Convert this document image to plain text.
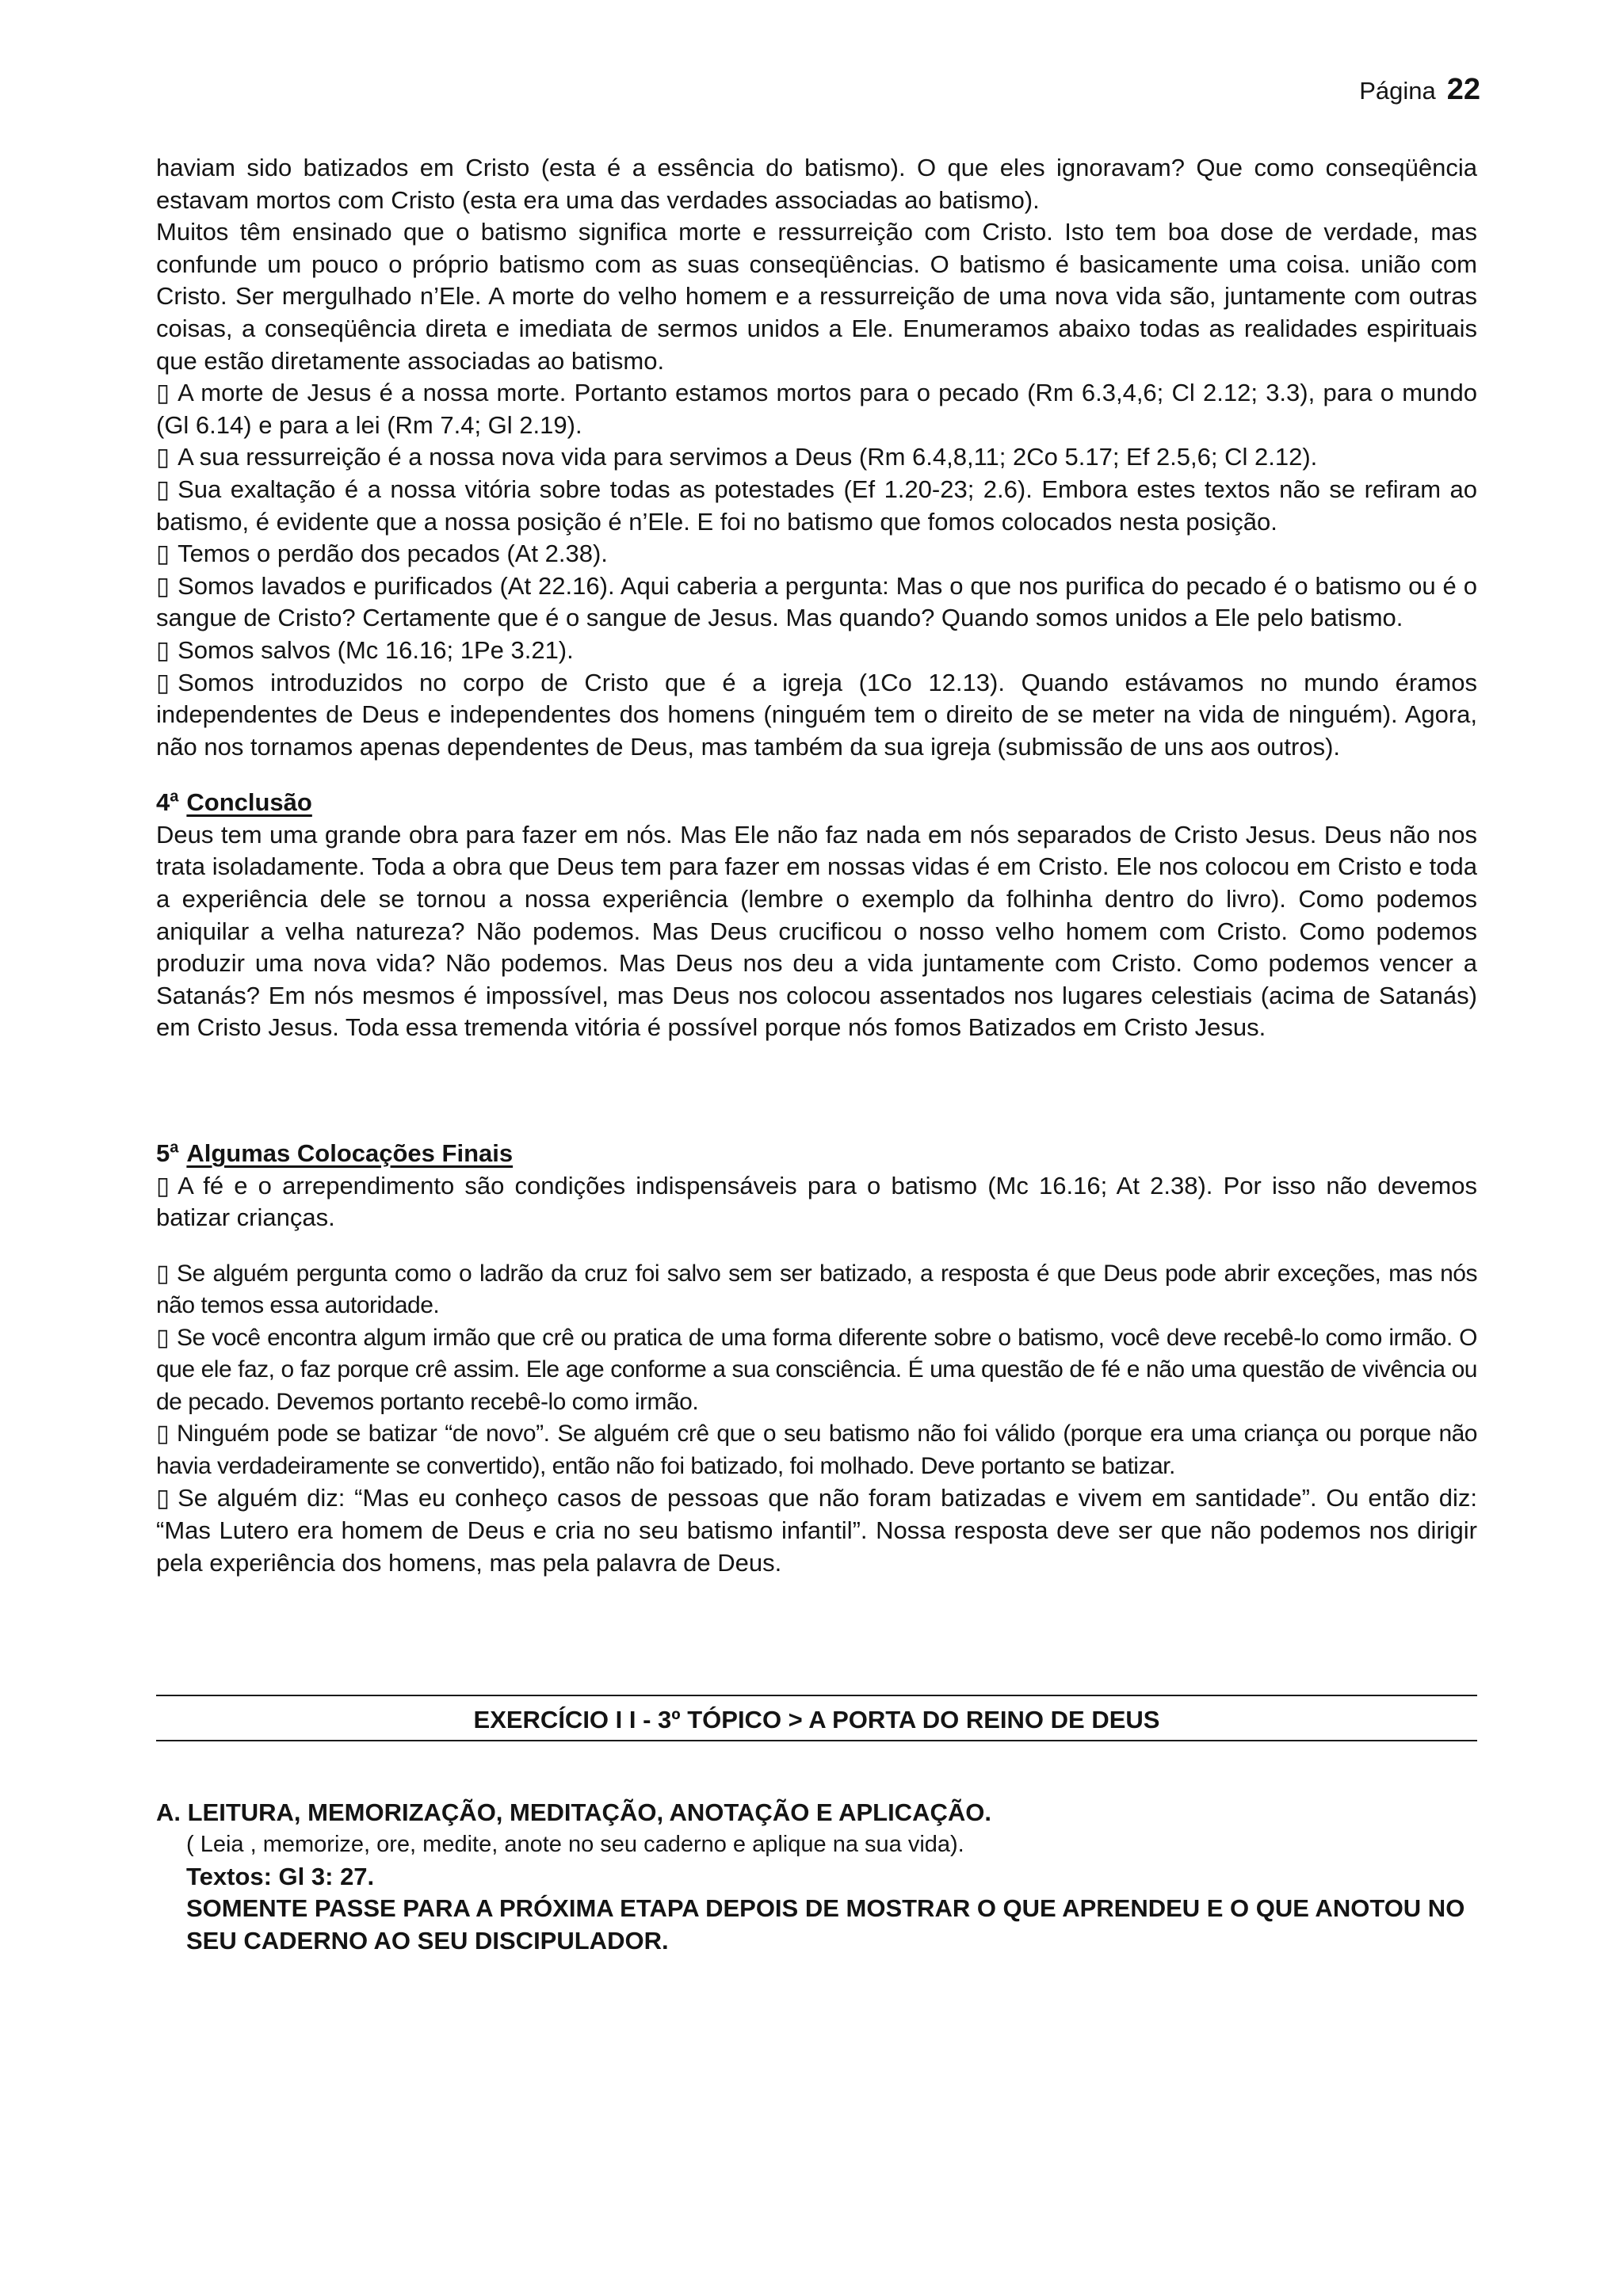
Página 22

haviam sido batizados em Cristo (esta é a essência do batismo). O que eles ignoravam? Que como conseqüência estavam mortos com Cristo (esta era uma das verdades associadas ao batismo).

Muitos têm ensinado que o batismo significa morte e ressurreição com Cristo. Isto tem boa dose de verdade, mas confunde um pouco o próprio batismo com as suas conseqüências. O batismo é basicamente uma coisa. união com Cristo. Ser mergulhado n’Ele. A morte do velho homem e a ressurreição de uma nova vida são, juntamente com outras coisas, a conseqüência direta e imediata de sermos unidos a Ele. Enumeramos abaixo todas as realidades espirituais que estão diretamente associadas ao batismo.

▯ A morte de Jesus é a nossa morte. Portanto estamos mortos para o pecado (Rm 6.3,4,6; Cl 2.12; 3.3), para o mundo (Gl 6.14) e para a lei (Rm 7.4; Gl 2.19).

▯ A sua ressurreição é a nossa nova vida para servimos a Deus (Rm 6.4,8,11; 2Co 5.17; Ef 2.5,6; Cl 2.12).

▯ Sua exaltação é a nossa vitória sobre todas as potestades (Ef 1.20-23; 2.6). Embora estes textos não se refiram ao batismo, é evidente que a nossa posição é n’Ele. E foi no batismo que fomos colocados nesta posição.

▯ Temos o perdão dos pecados (At 2.38).

▯ Somos lavados e purificados (At 22.16). Aqui caberia a pergunta: Mas o que nos purifica do pecado é o batismo ou é o sangue de Cristo? Certamente que é o sangue de Jesus. Mas quando? Quando somos unidos a Ele pelo batismo.

▯ Somos salvos (Mc 16.16; 1Pe 3.21).

▯ Somos introduzidos no corpo de Cristo que é a igreja (1Co 12.13). Quando estávamos no mundo éramos independentes de Deus e independentes dos homens (ninguém tem o direito de se meter na vida de ninguém). Agora, não nos tornamos apenas dependentes de Deus, mas também da sua igreja (submissão de uns aos outros).

4$^a$ Conclusão

Deus tem uma grande obra para fazer em nós. Mas Ele não faz nada em nós separados de Cristo Jesus. Deus não nos trata isoladamente. Toda a obra que Deus tem para fazer em nossas vidas é em Cristo. Ele nos colocou em Cristo e toda a experiência dele se tornou a nossa experiência (lembre o exemplo da folhinha dentro do livro). Como podemos aniquilar a velha natureza? Não podemos. Mas Deus crucificou o nosso velho homem com Cristo. Como podemos produzir uma nova vida? Não podemos. Mas Deus nos deu a vida juntamente com Cristo. Como podemos vencer a Satanás? Em nós mesmos é impossível, mas Deus nos colocou assentados nos lugares celestiais (acima de Satanás) em Cristo Jesus. Toda essa tremenda vitória é possível porque nós fomos Batizados em Cristo Jesus.

5$^a$ Algumas Colocações Finais

▯ A fé e o arrependimento são condições indispensáveis para o batismo (Mc 16.16; At 2.38). Por isso não devemos batizar crianças.

▯ Se alguém pergunta como o ladrão da cruz foi salvo sem ser batizado, a resposta é que Deus pode abrir exceções, mas nós não temos essa autoridade.

▯ Se você encontra algum irmão que crê ou pratica de uma forma diferente sobre o batismo, você deve recebê-lo como irmão. O que ele faz, o faz porque crê assim. Ele age conforme a sua consciência. É uma questão de fé e não uma questão de vivência ou de pecado. Devemos portanto recebê-lo como irmão.

▯ Ninguém pode se batizar “de novo”. Se alguém crê que o seu batismo não foi válido (porque era uma criança ou porque não havia verdadeiramente se convertido), então não foi batizado, foi molhado. Deve portanto se batizar.

▯ Se alguém diz: “Mas eu conheço casos de pessoas que não foram batizadas e vivem em santidade”. Ou então diz: “Mas Lutero era homem de Deus e cria no seu batismo infantil”. Nossa resposta deve ser que não podemos nos dirigir pela experiência dos homens, mas pela palavra de Deus.

EXERCÍCIO I I - 3º TÓPICO > A PORTA DO REINO DE DEUS

A. LEITURA, MEMORIZAÇÃO, MEDITAÇÃO, ANOTAÇÃO E APLICAÇÃO.

( Leia , memorize, ore, medite, anote no seu caderno e aplique na sua vida).

Textos: Gl 3: 27.

SOMENTE PASSE PARA A PRÓXIMA ETAPA DEPOIS DE MOSTRAR O QUE APRENDEU E O QUE ANOTOU NO SEU CADERNO AO SEU DISCIPULADOR.
